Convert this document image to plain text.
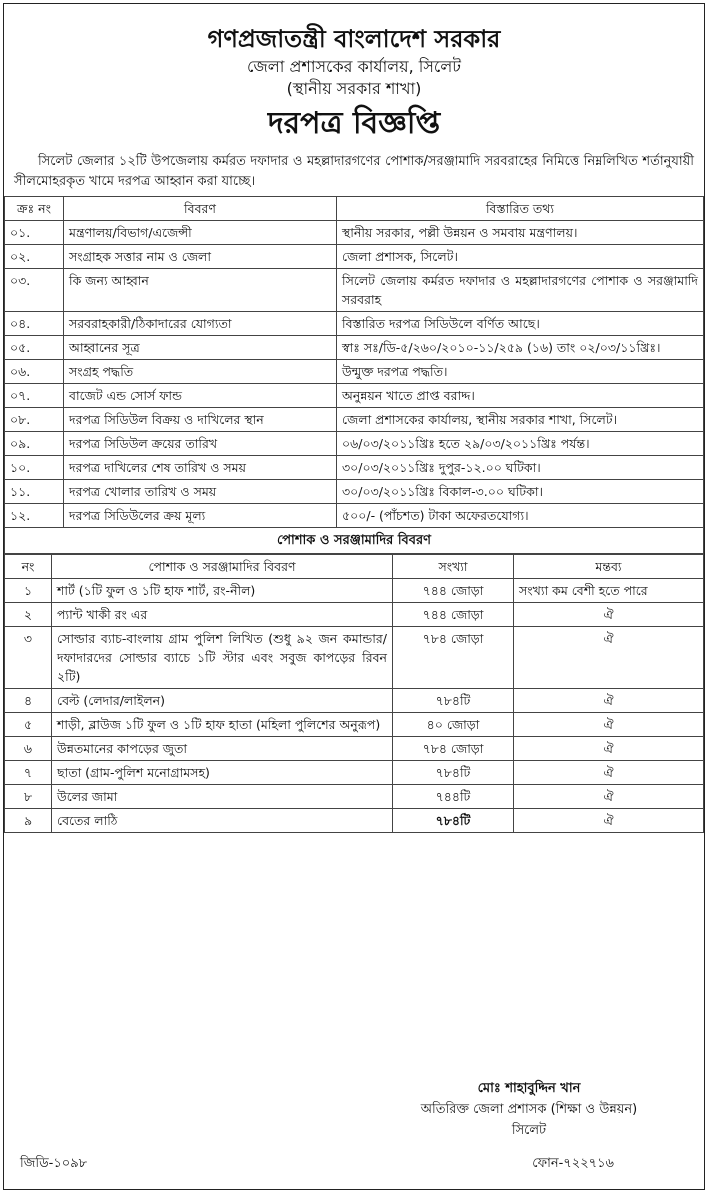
গণপ্রজাতন্ত্রী বাংলাদেশ সরকার
জেলা প্রশাসকের কার্যালয়, সিলেট
(স্থানীয় সরকার শাখা)
দরপত্র বিজ্ঞপ্তি
সিলেট জেলার ১২টি উপজেলায় কর্মরত দফাদার ও মহল্লাদারগণের পোশাক/সরঞ্জামাদি সরবরাহের নিমিত্তে নিম্নলিখিত শর্তানুযায়ী সীলমোহরকৃত খামে দরপত্র আহ্বান করা যাচ্ছে।
ক্রঃ নং	বিবরণ	বিস্তারিত তথ্য
০১.	মন্ত্রণালয়/বিভাগ/এজেন্সী	স্থানীয় সরকার, পল্লী উন্নয়ন ও সমবায় মন্ত্রণালয়।
০২.	সংগ্রাহক সত্তার নাম ও জেলা	জেলা প্রশাসক, সিলেট।
০৩.	কি জন্য আহ্বান	সিলেট জেলায় কর্মরত দফাদার ও মহল্লাদারগণের পোশাক ও সরঞ্জামাদি সরবরাহ
০৪.	সরবরাহকারী/ঠিকাদারের যোগ্যতা	বিস্তারিত দরপত্র সিডিউলে বর্ণিত আছে।
০৫.	আহ্বানের সূত্র	স্বাঃ সঃ/ডি-৫/২৬০/২০১০-১১/২৫৯ (১৬) তাং ০২/০৩/১১খ্রিঃ।
০৬.	সংগ্রহ পদ্ধতি	উন্মুক্ত দরপত্র পদ্ধতি।
০৭.	বাজেট এন্ড সোর্স ফান্ড	অনুন্নয়ন খাতে প্রাপ্ত বরাদ্দ।
০৮.	দরপত্র সিডিউল বিক্রয় ও দাখিলের স্থান	জেলা প্রশাসকের কার্যালয়, স্থানীয় সরকার শাখা, সিলেট।
০৯.	দরপত্র সিডিউল ক্রয়ের তারিখ	০৬/০৩/২০১১খ্রিঃ হতে ২৯/০৩/২০১১খ্রিঃ পর্যন্ত।
১০.	দরপত্র দাখিলের শেষ তারিখ ও সময়	৩০/০৩/২০১১খ্রিঃ দুপুর-১২.০০ ঘটিকা।
১১.	দরপত্র খোলার তারিখ ও সময়	৩০/০৩/২০১১খ্রিঃ বিকাল-৩.০০ ঘটিকা।
১২.	দরপত্র সিডিউলের ক্রয় মূল্য	৫০০/- (পাঁচশত) টাকা অফেরতযোগ্য।
পোশাক ও সরঞ্জামাদির বিবরণ
নং	পোশাক ও সরঞ্জামাদির বিবরণ	সংখ্যা	মন্তব্য
১	শার্ট (১টি ফুল ও ১টি হাফ শার্ট, রং-নীল)	৭৪৪ জোড়া	সংখ্যা কম বেশী হতে পারে
২	প্যান্ট খাকী রং এর	৭৪৪ জোড়া	ঐ
৩	সোল্ডার ব্যাচ-বাংলায় গ্রাম পুলিশ লিখিত (শুধু ৯২ জন কমান্ডার/দফাদারদের সোল্ডার ব্যাচে ১টি স্টার এবং সবুজ কাপড়ের রিবন ২টি)	৭৮৪ জোড়া	ঐ
৪	বেল্ট (লেদার/লাইলন)	৭৮৪টি	ঐ
৫	শাড়ী, ব্লাউজ ১টি ফুল ও ১টি হাফ হাতা (মহিলা পুলিশের অনুরূপ)	৪০ জোড়া	ঐ
৬	উন্নতমানের কাপড়ের জুতা	৭৮৪ জোড়া	ঐ
৭	ছাতা (গ্রাম-পুলিশ মনোগ্রামসহ)	৭৮৪টি	ঐ
৮	উলের জামা	৭৪৪টি	ঐ
৯	বেতের লাঠি	৭৮৪টি	ঐ
মোঃ শাহাবুদ্দিন খান
অতিরিক্ত জেলা প্রশাসক (শিক্ষা ও উন্নয়ন)
সিলেট
জিডি-১০৯৮	ফোন-৭২২৭১৬
